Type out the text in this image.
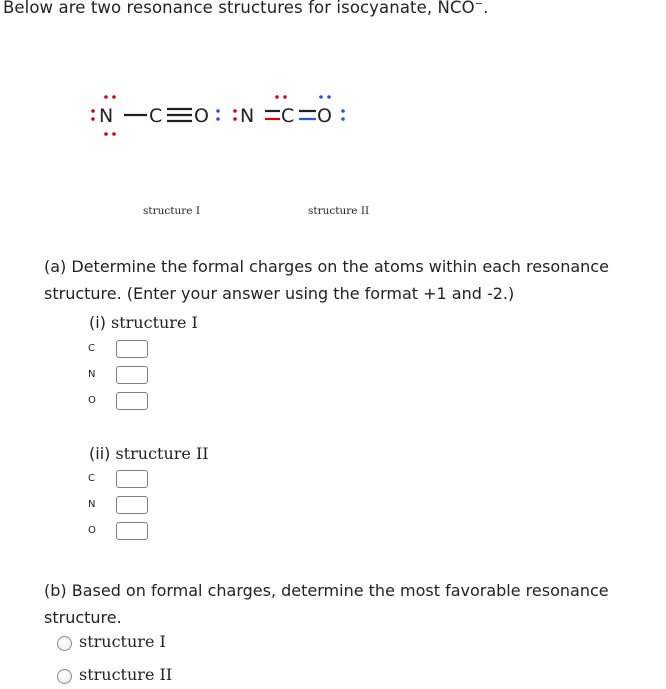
Below are two resonance structures for isocyanate, NCO−.
N C O N C O
structure I	structure II
(a) Determine the formal charges on the atoms within each resonance structure. (Enter your answer using the format +1 and -2.)
(i) structure I
C
N
O
(ii) structure II
C
N
O
(b) Based on formal charges, determine the most favorable resonance structure.
structure I
structure II
